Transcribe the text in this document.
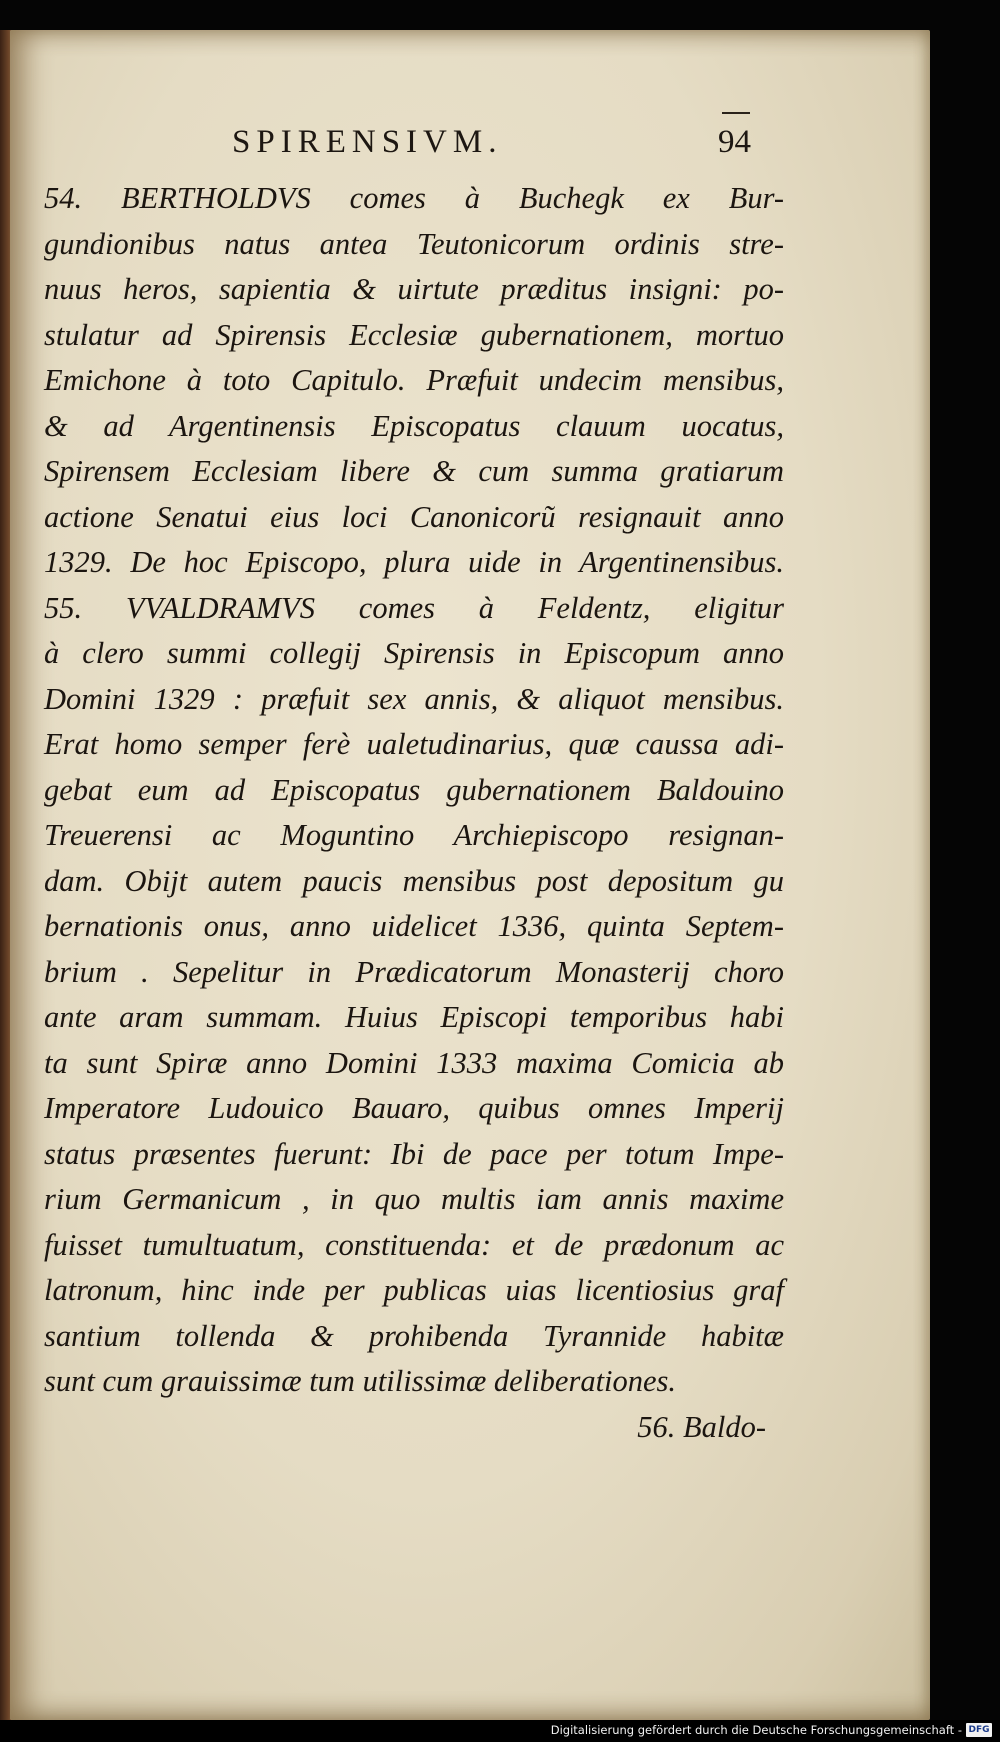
SPIRENSIVM.	94
54. BERTHOLDVS comes à Buchegk ex Bur-
gundionibus natus antea Teutonicorum ordinis stre-
nuus heros, sapientia & uirtute præditus insigni: po-
stulatur ad Spirensis Ecclesiæ gubernationem, mortuo
Emichone à toto Capitulo. Præfuit undecim mensibus,
& ad Argentinensis Episcopatus clauum uocatus,
Spirensem Ecclesiam libere & cum summa gratiarum
actione Senatui eius loci Canonicorũ resignauit anno
1329. De hoc Episcopo, plura uide in Argentinensibus.
55. VVALDRAMVS comes à Feldentz, eligitur
à clero summi collegij Spirensis in Episcopum anno
Domini 1329 : præfuit sex annis, & aliquot mensibus.
Erat homo semper ferè ualetudinarius, quæ caussa adi-
gebat eum ad Episcopatus gubernationem Baldouino
Treuerensi ac Moguntino Archiepiscopo resignan-
dam. Obijt autem paucis mensibus post depositum gu
bernationis onus, anno uidelicet 1336, quinta Septem-
brium . Sepelitur in Prædicatorum Monasterij choro
ante aram summam. Huius Episcopi temporibus habi
ta sunt Spiræ anno Domini 1333 maxima Comicia ab
Imperatore Ludouico Bauaro, quibus omnes Imperij
status præsentes fuerunt: Ibi de pace per totum Impe-
rium Germanicum , in quo multis iam annis maxime
fuisset tumultuatum, constituenda: et de prædonum ac
latronum, hinc inde per publicas uias licentiosius graf
santium tollenda & prohibenda Tyrannide habitæ
sunt cum grauissimæ tum utilissimæ deliberationes.
56. Baldo-
Digitalisierung gefördert durch die Deutsche Forschungsgemeinschaft - DFG
